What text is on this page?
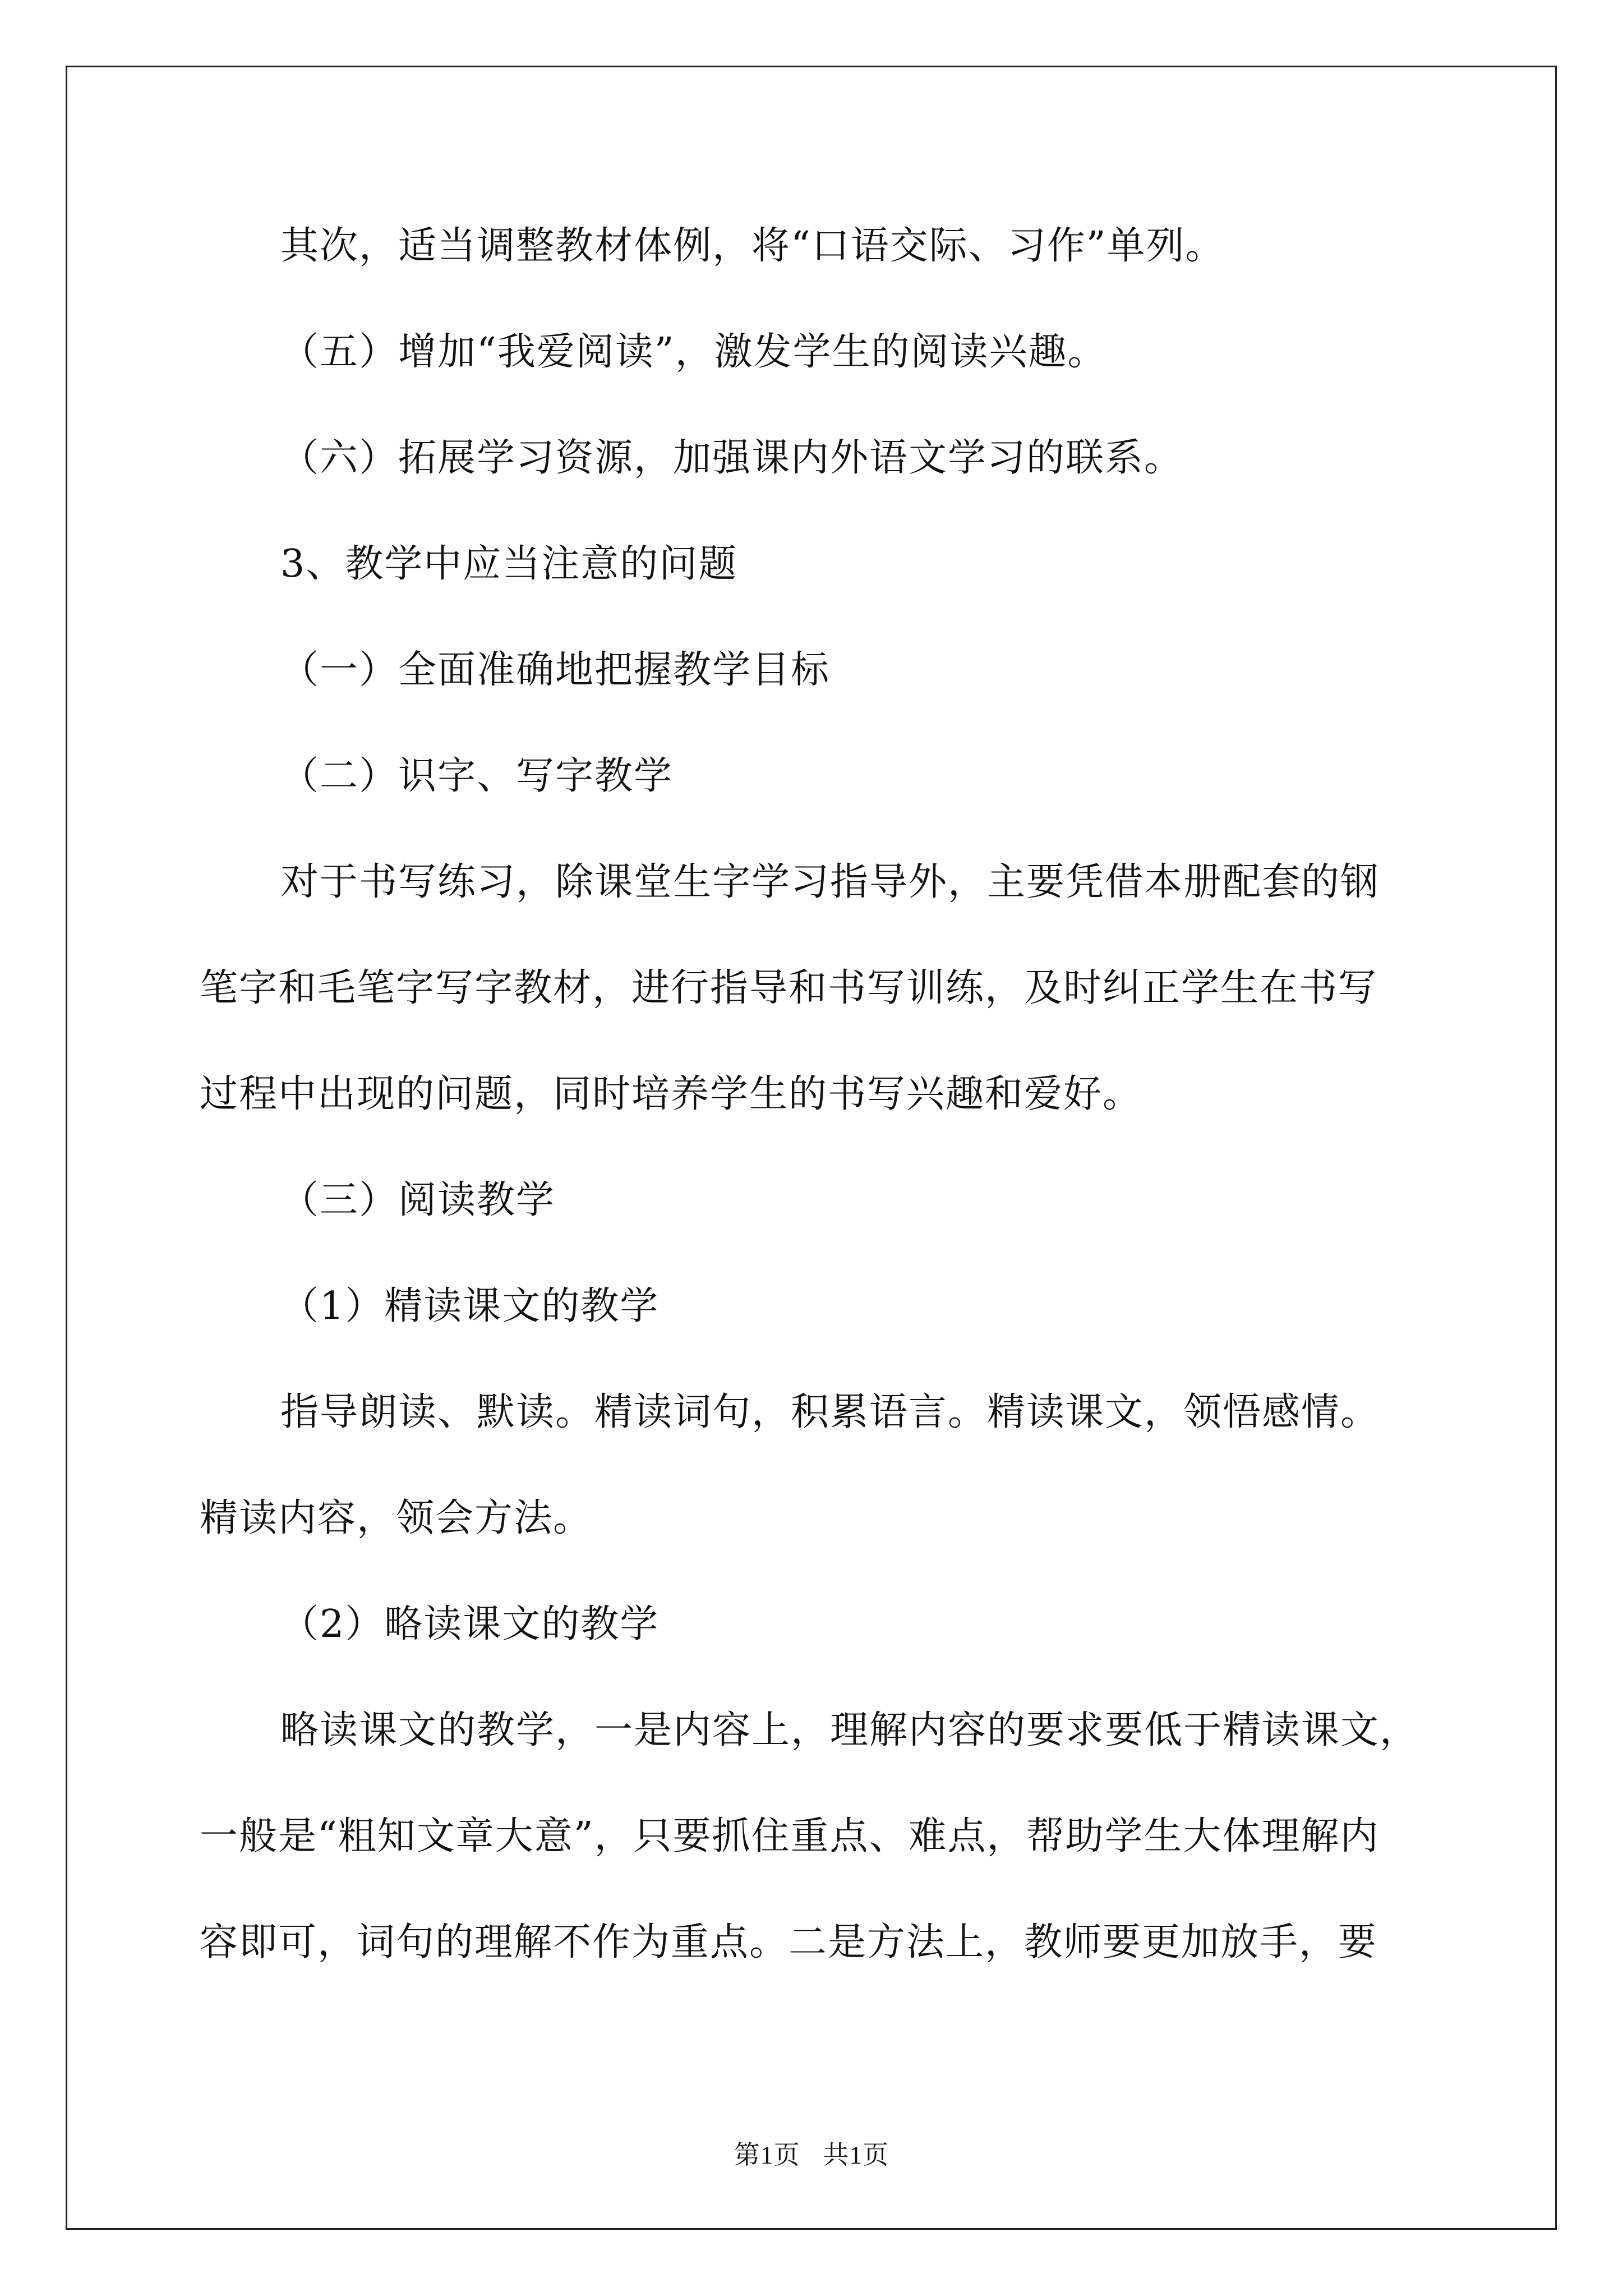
其次，适当调整教材体例，将“口语交际、习作”单列。
（五）增加“我爱阅读”，激发学生的阅读兴趣。
（六）拓展学习资源，加强课内外语文学习的联系。
3、教学中应当注意的问题
（一）全面准确地把握教学目标
（二）识字、写字教学
对于书写练习，除课堂生字学习指导外，主要凭借本册配套的钢
笔字和毛笔字写字教材，进行指导和书写训练，及时纠正学生在书写
过程中出现的问题，同时培养学生的书写兴趣和爱好。
（三）阅读教学
（1）精读课文的教学
指导朗读、默读。精读词句，积累语言。精读课文，领悟感情。
精读内容，领会方法。
（2）略读课文的教学
略读课文的教学，一是内容上，理解内容的要求要低于精读课文，
一般是“粗知文章大意”，只要抓住重点、难点，帮助学生大体理解内
容即可，词句的理解不作为重点。二是方法上，教师要更加放手，要
第1页 共1页
